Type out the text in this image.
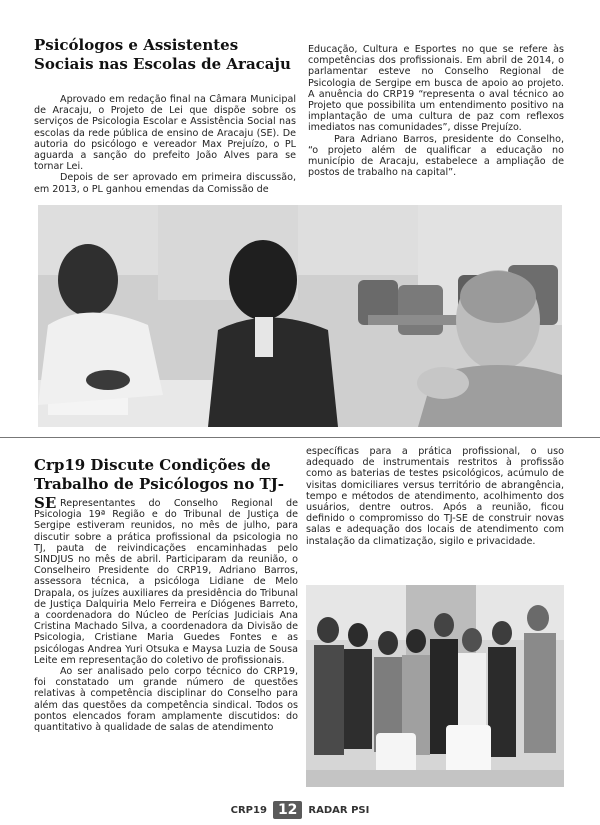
Psicólogos e Assistentes Sociais nas Escolas de Aracaju

Aprovado em redação final na Câmara Municipal de Aracaju, o Projeto de Lei que dispõe sobre os serviços de Psicologia Escolar e Assistência Social nas escolas da rede pública de ensino de Aracaju (SE). De autoria do psicólogo e vereador Max Prejuízo, o PL aguarda a sanção do prefeito João Alves para se tornar Lei.

Depois de ser aprovado em primeira discussão, em 2013, o PL ganhou emendas da Comissão de

Educação, Cultura e Esportes no que se refere às competências dos profissionais. Em abril de 2014, o parlamentar esteve no Conselho Regional de Psicologia de Sergipe em busca de apoio ao projeto. A anuência do CRP19 “representa o aval técnico ao Projeto que possibilita um entendimento positivo na implantação de uma cultura de paz com reflexos imediatos nas comunidades”, disse Prejuízo.

Para Adriano Barros, presidente do Conselho, “o projeto além de qualificar a educação no município de Aracaju, estabelece a ampliação de postos de trabalho na capital”.

Crp19 Discute Condições de Trabalho de Psicólogos no TJ-SE Representantes do Conselho Regional de Psicologia 19ª Região e do Tribunal de Justiça de Sergipe estiveram reunidos, no mês de julho, para discutir sobre a prática profissional da psicologia no TJ, pauta de reivindicações encaminhadas pelo SINDJUS no mês de abril. Participaram da reunião, o Conselheiro Presidente do CRP19, Adriano Barros, assessora técnica, a psicóloga Lidiane de Melo Drapala, os juízes auxiliares da presidência do Tribunal de Justiça Dalquiria Melo Ferreira e Diógenes Barreto, a coordenadora do Núcleo de Perícias Judiciais Ana Cristina Machado Silva, a coordenadora da Divisão de Psicologia, Cristiane Maria Guedes Fontes e as psicólogas Andrea Yuri Otsuka e Maysa Luzia de Sousa Leite em representação do coletivo de profissionais.

Ao ser analisado pelo corpo técnico do CRP19, foi constatado um grande número de questões relativas à competência disciplinar do Conselho para além das questões da competência sindical. Todos os pontos elencados foram amplamente discutidos: do quantitativo à qualidade de salas de atendimento

específicas para a prática profissional, o uso adequado de instrumentais restritos à profissão como as baterias de testes psicológicos, acúmulo de visitas domiciliares versus território de abrangência, tempo e métodos de atendimento, acolhimento dos usuários, dentre outros. Após a reunião, ficou definido o compromisso do TJ-SE de construir novas salas e adequação dos locais de atendimento com instalação da climatização, sigilo e privacidade.

CRP19 12	RADAR PSI
